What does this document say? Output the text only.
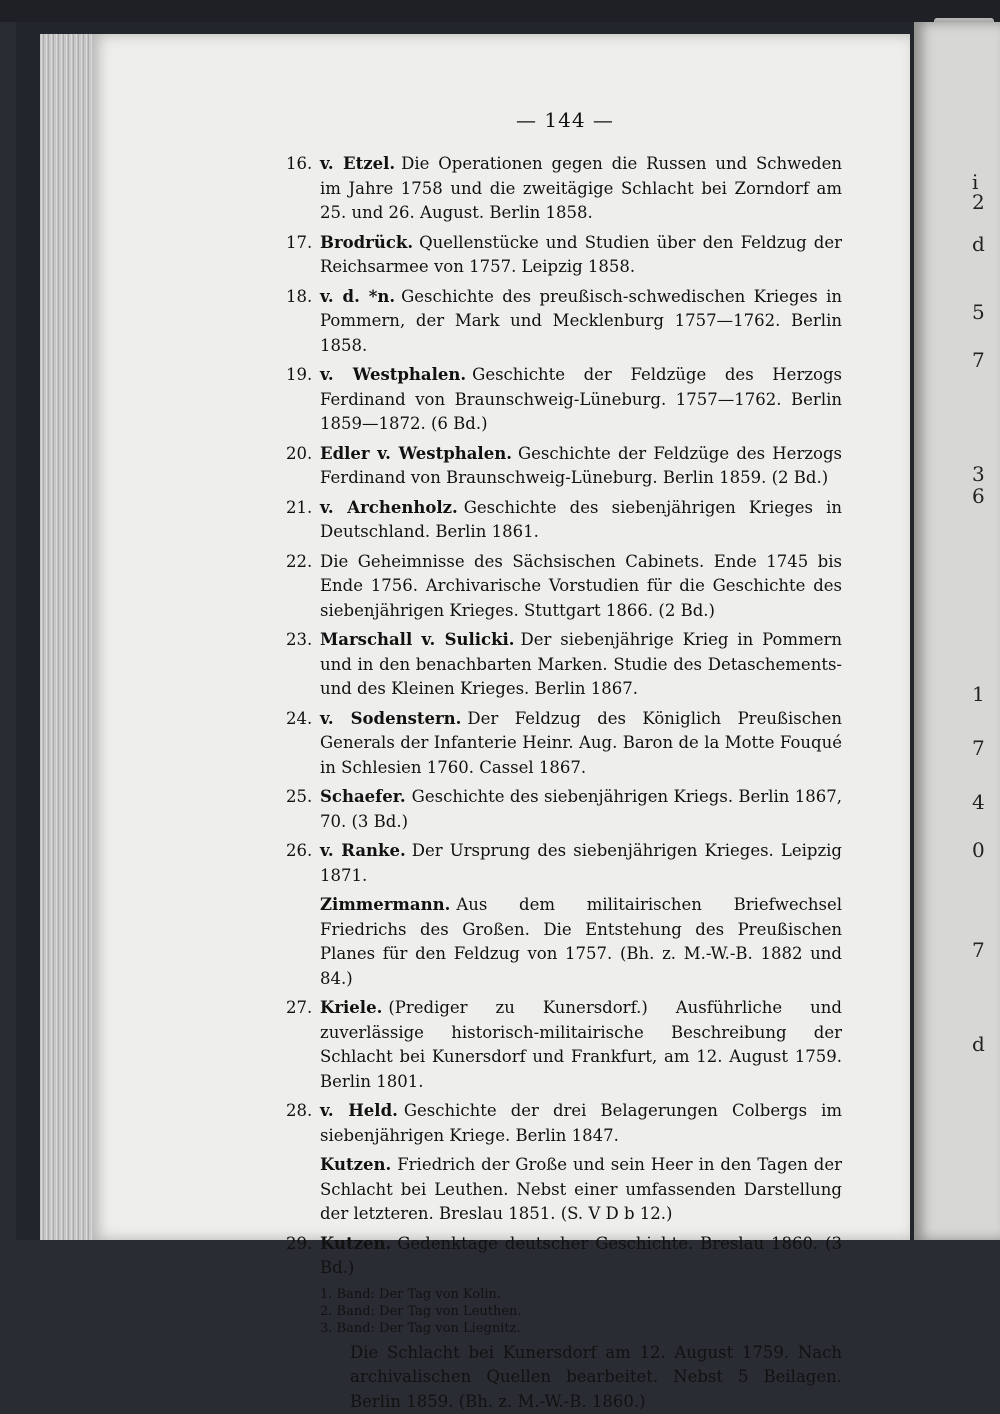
i
2
d
5
7
3
6
1
7
4
0
7
d
— 144 —
16. v. Etzel. Die Operationen gegen die Russen und Schweden im Jahre 1758 und die zweitägige Schlacht bei Zorndorf am 25. und 26. August. Berlin 1858.
17. Brodrück. Quellenstücke und Studien über den Feldzug der Reichsarmee von 1757. Leipzig 1858.
18. v. d. *n. Geschichte des preußisch-schwedischen Krieges in Pommern, der Mark und Mecklenburg 1757—1762. Berlin 1858.
19. v. Westphalen. Geschichte der Feldzüge des Herzogs Ferdinand von Braunschweig-Lüneburg. 1757—1762. Berlin 1859—1872. (6 Bd.)
20. Edler v. Westphalen. Geschichte der Feldzüge des Herzogs Ferdinand von Braunschweig-Lüneburg. Berlin 1859. (2 Bd.)
21. v. Archenholz. Geschichte des siebenjährigen Krieges in Deutschland. Berlin 1861.
22. Die Geheimnisse des Sächsischen Cabinets. Ende 1745 bis Ende 1756. Archivarische Vorstudien für die Geschichte des siebenjährigen Krieges. Stuttgart 1866. (2 Bd.)
23. Marschall v. Sulicki. Der siebenjährige Krieg in Pommern und in den benachbarten Marken. Studie des Detaschements- und des Kleinen Krieges. Berlin 1867.
24. v. Sodenstern. Der Feldzug des Königlich Preußischen Generals der Infanterie Heinr. Aug. Baron de la Motte Fouqué in Schlesien 1760. Cassel 1867.
25. Schaefer. Geschichte des siebenjährigen Kriegs. Berlin 1867, 70. (3 Bd.)
26. v. Ranke. Der Ursprung des siebenjährigen Krieges. Leipzig 1871.
Zimmermann. Aus dem militairischen Briefwechsel Friedrichs des Großen. Die Entstehung des Preußischen Planes für den Feldzug von 1757. (Bh. z. M.-W.-B. 1882 und 84.)
27. Kriele. (Prediger zu Kunersdorf.) Ausführliche und zuverlässige historisch-militairische Beschreibung der Schlacht bei Kunersdorf und Frankfurt, am 12. August 1759. Berlin 1801.
28. v. Held. Geschichte der drei Belagerungen Colbergs im siebenjährigen Kriege. Berlin 1847.
Kutzen. Friedrich der Große und sein Heer in den Tagen der Schlacht bei Leuthen. Nebst einer umfassenden Darstellung der letzteren. Breslau 1851. (S. V D b 12.)
29. Kutzen. Gedenktage deutscher Geschichte. Breslau 1860. (3 Bd.)
1. Band: Der Tag von Kolin.
2. Band: Der Tag von Leuthen.
3. Band: Der Tag von Liegnitz.
Die Schlacht bei Kunersdorf am 12. August 1759. Nach archivalischen Quellen bearbeitet. Nebst 5 Beilagen. Berlin 1859. (Bh. z. M.-W.-B. 1860.)
